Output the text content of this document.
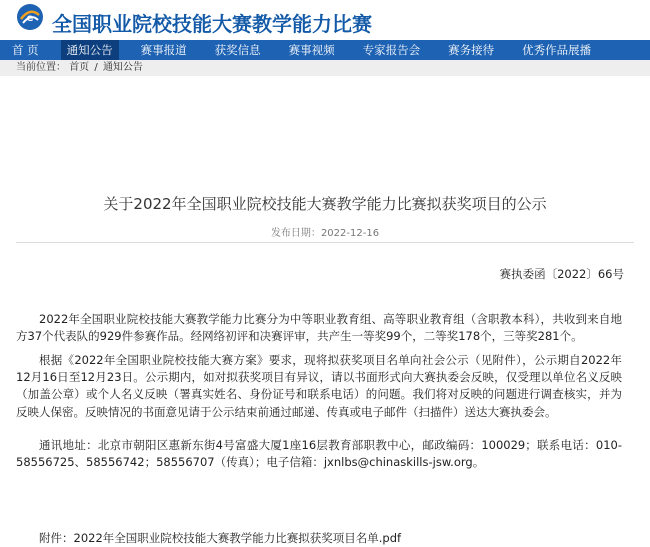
e 全国职业院校技能大赛教学能力比赛
首 页	通知公告	赛事报道	获奖信息	赛事视频	专家报告会	赛务接待	优秀作品展播
当前位置： 首页 / 通知公告
关于2022年全国职业院校技能大赛教学能力比赛拟获奖项目的公示
发布日期：2022-12-16
赛执委函〔2022〕66号

2022年全国职业院校技能大赛教学能力比赛分为中等职业教育组、高等职业教育组（含职教本科），共收到来自地方37个代表队的929件参赛作品。经网络初评和决赛评审，共产生一等奖99个，二等奖178个，三等奖281个。

根据《2022年全国职业院校技能大赛方案》要求，现将拟获奖项目名单向社会公示（见附件），公示期自2022年12月16日至12月23日。公示期内，如对拟获奖项目有异议，请以书面形式向大赛执委会反映，仅受理以单位名义反映（加盖公章）或个人名义反映（署真实姓名、身份证号和联系电话）的问题。我们将对反映的问题进行调查核实，并为反映人保密。反映情况的书面意见请于公示结束前通过邮递、传真或电子邮件（扫描件）送达大赛执委会。

通讯地址：北京市朝阳区惠新东街4号富盛大厦1座16层教育部职教中心，邮政编码：100029；联系电话：010-58556725、58556742；58556707（传真）；电子信箱：jxnlbs@chinaskills-jsw.org。

附件：2022年全国职业院校技能大赛教学能力比赛拟获奖项目名单.pdf
